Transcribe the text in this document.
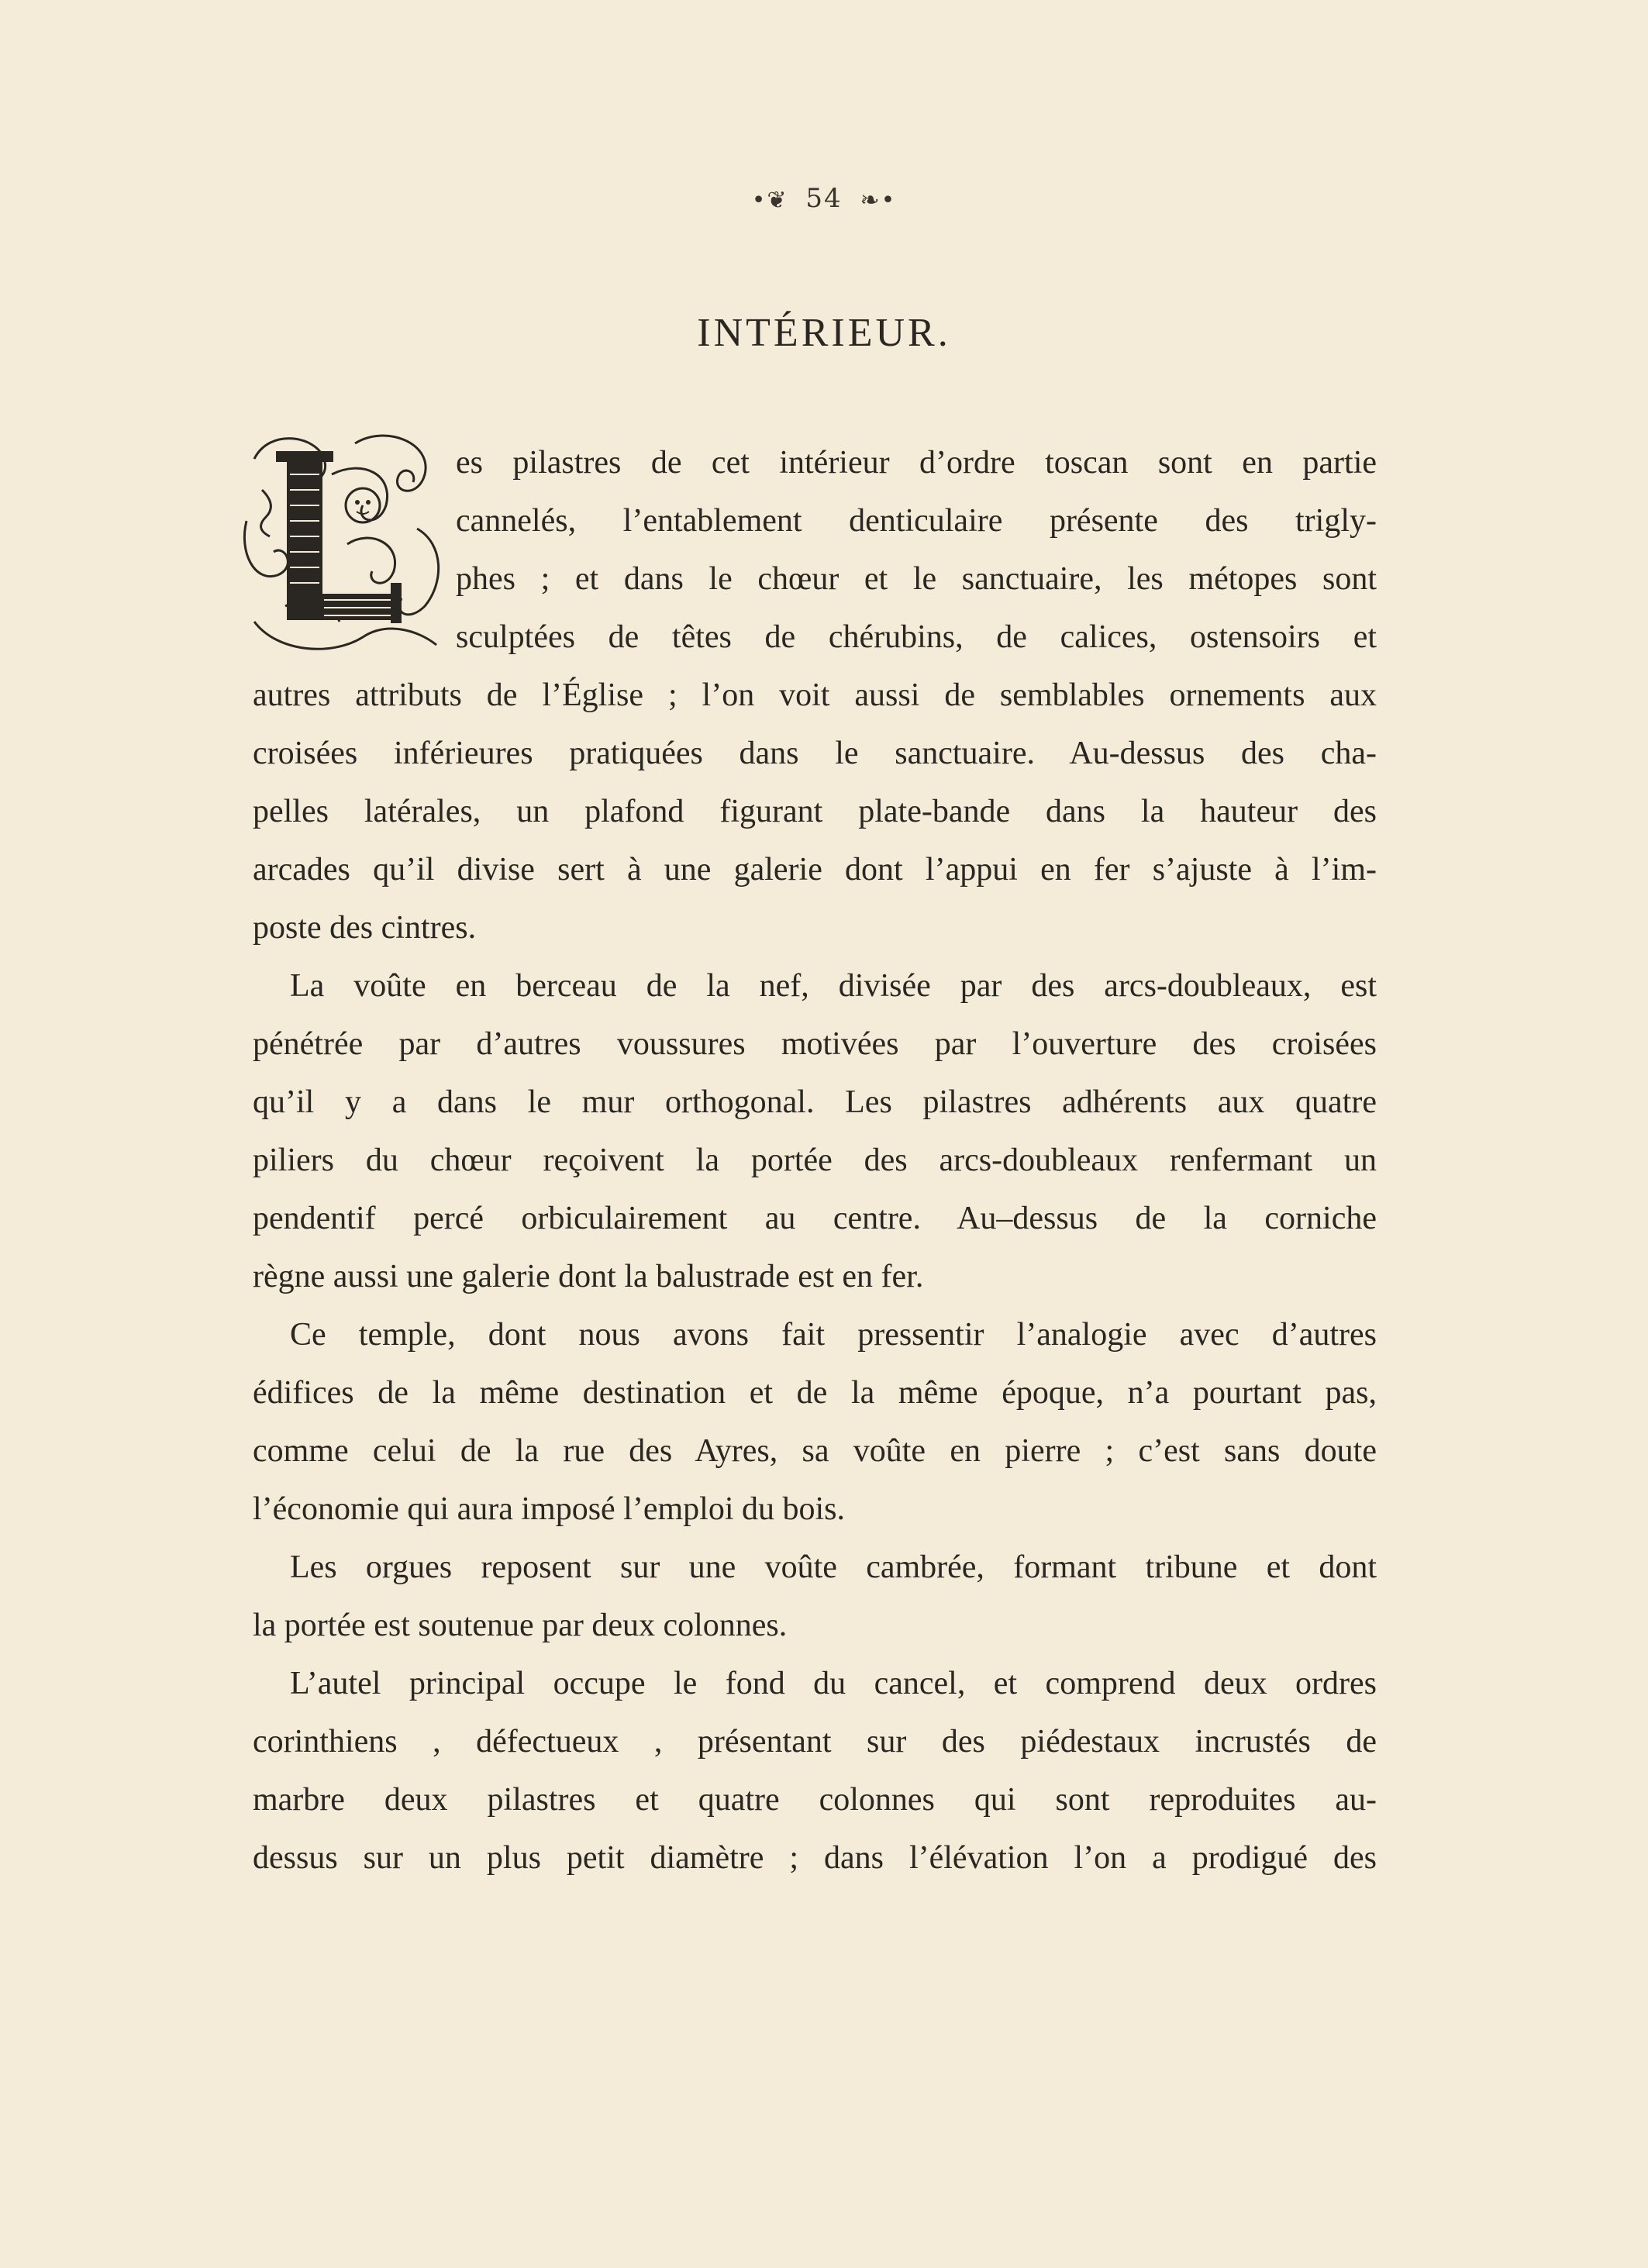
•❦ 54 ❧•
INTÉRIEUR.
L
es pilastres de cet intérieur d’ordre toscan sont en partie
cannelés, l’entablement denticulaire présente des trigly-
phes ; et dans le chœur et le sanctuaire, les métopes sont
sculptées de têtes de chérubins, de calices, ostensoirs et
autres attributs de l’Église ; l’on voit aussi de semblables ornements aux
croisées inférieures pratiquées dans le sanctuaire. Au-dessus des cha-
pelles latérales, un plafond figurant plate-bande dans la hauteur des
arcades qu’il divise sert à une galerie dont l’appui en fer s’ajuste à l’im-
poste des cintres.
La voûte en berceau de la nef, divisée par des arcs-doubleaux, est
pénétrée par d’autres voussures motivées par l’ouverture des croisées
qu’il y a dans le mur orthogonal. Les pilastres adhérents aux quatre
piliers du chœur reçoivent la portée des arcs-doubleaux renfermant un
pendentif percé orbiculairement au centre. Au–dessus de la corniche
règne aussi une galerie dont la balustrade est en fer.
Ce temple, dont nous avons fait pressentir l’analogie avec d’autres
édifices de la même destination et de la même époque, n’a pourtant pas,
comme celui de la rue des Ayres, sa voûte en pierre ; c’est sans doute
l’économie qui aura imposé l’emploi du bois.
Les orgues reposent sur une voûte cambrée, formant tribune et dont
la portée est soutenue par deux colonnes.
L’autel principal occupe le fond du cancel, et comprend deux ordres
corinthiens , défectueux , présentant sur des piédestaux incrustés de
marbre deux pilastres et quatre colonnes qui sont reproduites au-
dessus sur un plus petit diamètre ; dans l’élévation l’on a prodigué des
